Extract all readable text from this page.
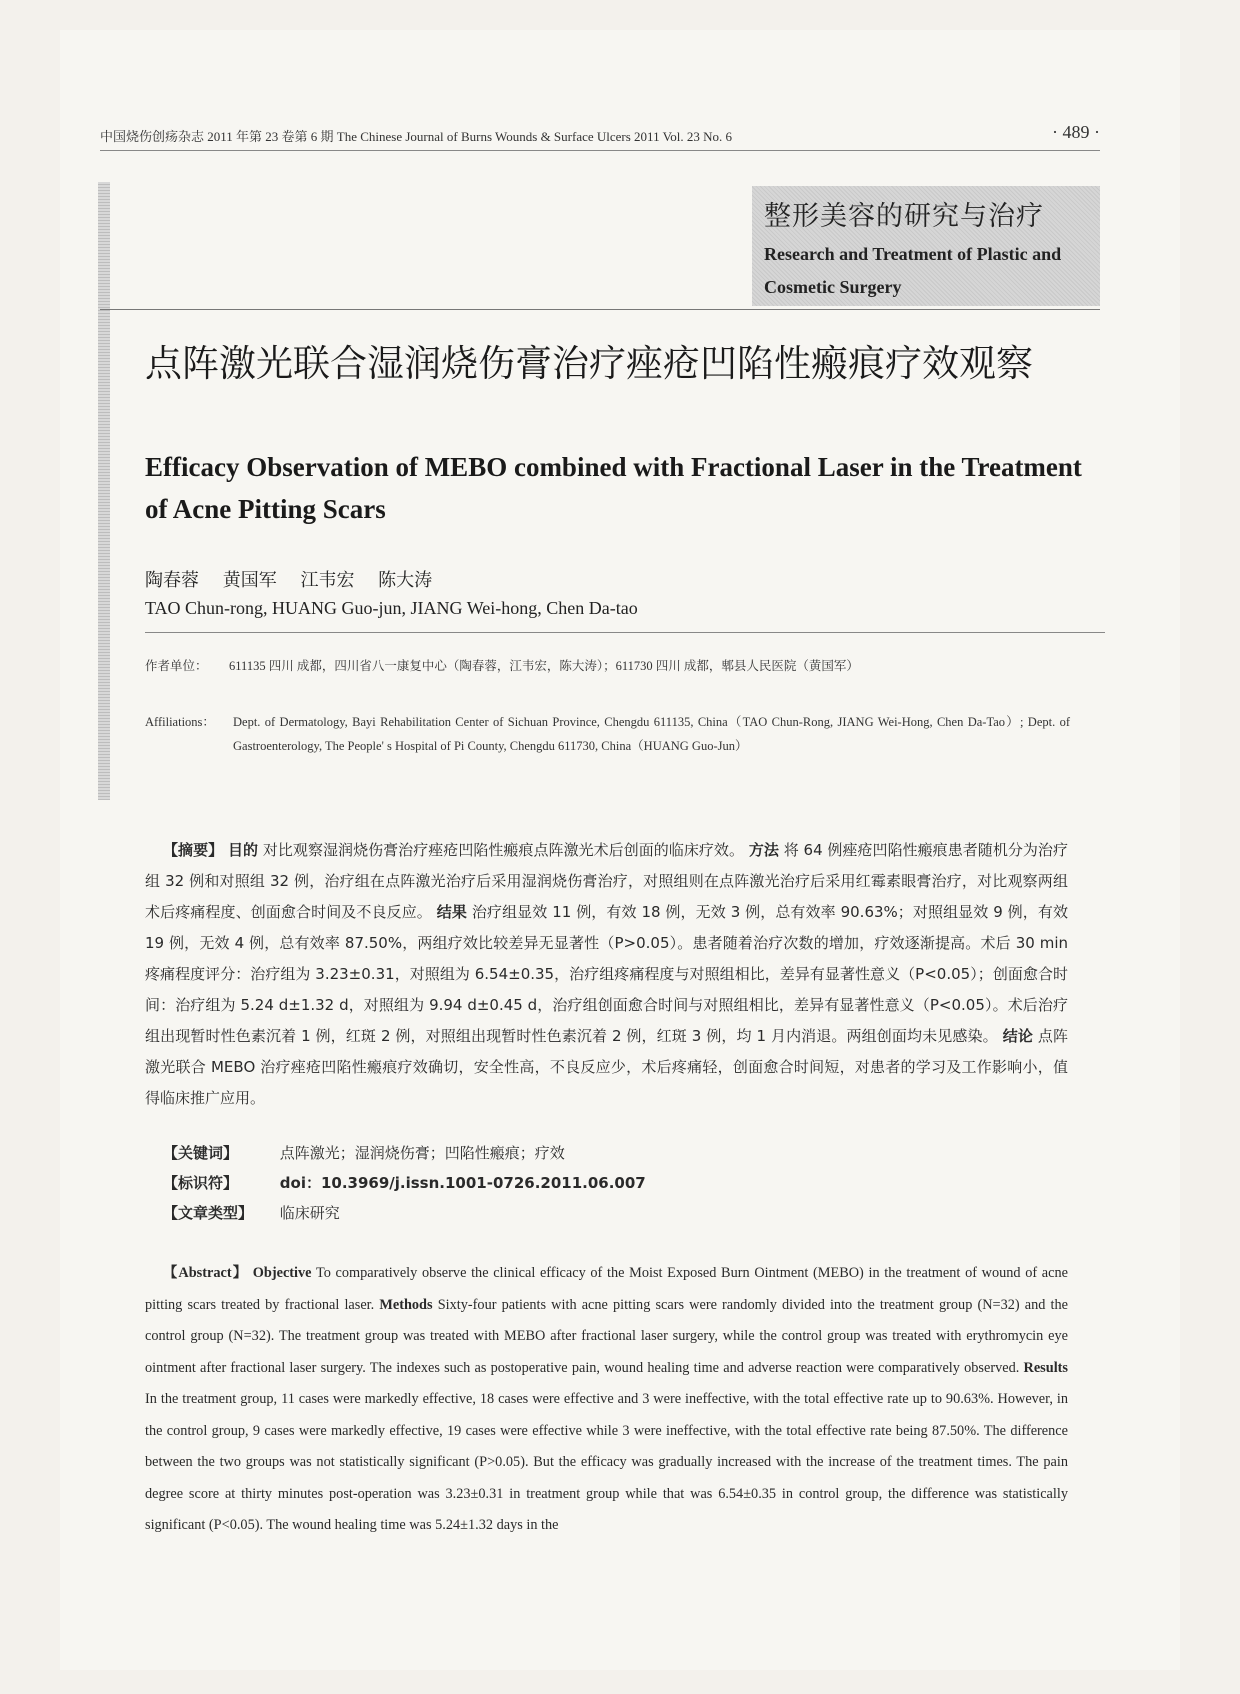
中国烧伤创疡杂志 2011 年第 23 卷第 6 期 The Chinese Journal of Burns Wounds & Surface Ulcers 2011 Vol. 23 No. 6	· 489 ·
整形美容的研究与治疗
Research and Treatment of Plastic and Cosmetic Surgery
点阵激光联合湿润烧伤膏治疗痤疮凹陷性瘢痕疗效观察
Efficacy Observation of MEBO combined with Fractional Laser in the Treatment of Acne Pitting Scars
陶春蓉 黄国军 江韦宏 陈大涛
TAO Chun-rong, HUANG Guo-jun, JIANG Wei-hong, Chen Da-tao
作者单位： 611135 四川 成都，四川省八一康复中心（陶春蓉，江韦宏，陈大涛）；611730 四川 成都，郫县人民医院（黄国军）
Affiliations： Dept. of Dermatology, Bayi Rehabilitation Center of Sichuan Province, Chengdu 611135, China（TAO Chun-Rong, JIANG Wei-Hong, Chen Da-Tao）; Dept. of Gastroenterology, The People' s Hospital of Pi County, Chengdu 611730, China（HUANG Guo-Jun）

【摘要】 目的 对比观察湿润烧伤膏治疗痤疮凹陷性瘢痕点阵激光术后创面的临床疗效。 方法 将 64 例痤疮凹陷性瘢痕患者随机分为治疗组 32 例和对照组 32 例，治疗组在点阵激光治疗后采用湿润烧伤膏治疗，对照组则在点阵激光治疗后采用红霉素眼膏治疗，对比观察两组术后疼痛程度、创面愈合时间及不良反应。 结果 治疗组显效 11 例，有效 18 例，无效 3 例，总有效率 90.63%；对照组显效 9 例，有效 19 例，无效 4 例，总有效率 87.50%，两组疗效比较差异无显著性（P>0.05）。患者随着治疗次数的增加，疗效逐渐提高。术后 30 min 疼痛程度评分：治疗组为 3.23±0.31，对照组为 6.54±0.35，治疗组疼痛程度与对照组相比，差异有显著性意义（P<0.05）；创面愈合时间：治疗组为 5.24 d±1.32 d，对照组为 9.94 d±0.45 d，治疗组创面愈合时间与对照组相比，差异有显著性意义（P<0.05）。术后治疗组出现暂时性色素沉着 1 例，红斑 2 例，对照组出现暂时性色素沉着 2 例，红斑 3 例，均 1 月内消退。两组创面均未见感染。 结论 点阵激光联合 MEBO 治疗痤疮凹陷性瘢痕疗效确切，安全性高，不良反应少，术后疼痛轻，创面愈合时间短，对患者的学习及工作影响小，值得临床推广应用。

【关键词】	点阵激光；湿润烧伤膏；凹陷性瘢痕；疗效
【标识符】	doi：10.3969/j.issn.1001-0726.2011.06.007
【文章类型】 临床研究

【Abstract】 Objective To comparatively observe the clinical efficacy of the Moist Exposed Burn Ointment (MEBO) in the treatment of wound of acne pitting scars treated by fractional laser. Methods Sixty-four patients with acne pitting scars were randomly divided into the treatment group (N=32) and the control group (N=32). The treatment group was treated with MEBO after fractional laser surgery, while the control group was treated with erythromycin eye ointment after fractional laser surgery. The indexes such as postoperative pain, wound healing time and adverse reaction were comparatively observed. Results In the treatment group, 11 cases were markedly effective, 18 cases were effective and 3 were ineffective, with the total effective rate up to 90.63%. However, in the control group, 9 cases were markedly effective, 19 cases were effective while 3 were ineffective, with the total effective rate being 87.50%. The difference between the two groups was not statistically significant (P>0.05). But the efficacy was gradually increased with the increase of the treatment times. The pain degree score at thirty minutes post-operation was 3.23±0.31 in treatment group while that was 6.54±0.35 in control group, the difference was statistically significant (P<0.05). The wound healing time was 5.24±1.32 days in the
